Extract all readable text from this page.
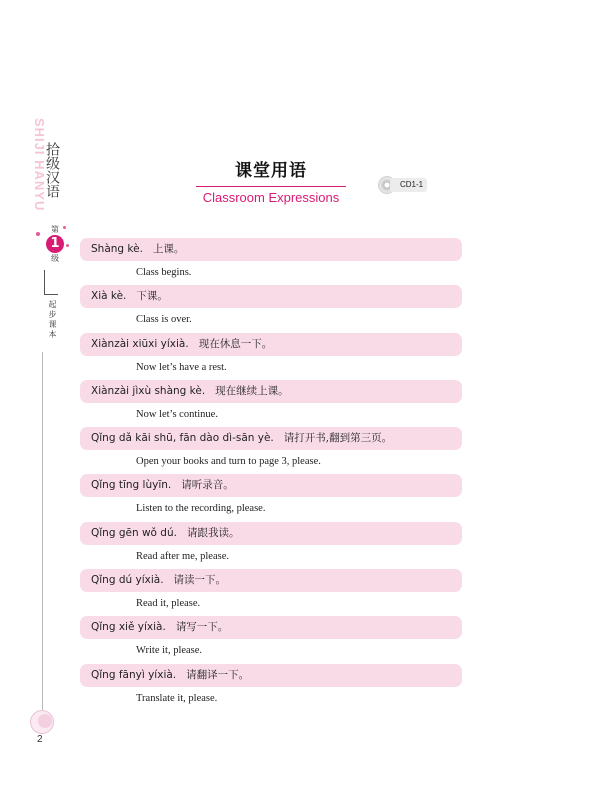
SHIJI HANYU
拾级汉语
第
1
级
起步课本
2
课堂用语
Classroom Expressions
CD1-1
Shàng kè. 上课。
Class begins.
Xià kè. 下课。
Class is over.
Xiànzài xiūxi yíxià. 现在休息一下。
Now let’s have a rest.
Xiànzài jìxù shàng kè. 现在继续上课。
Now let’s continue.
Qǐng dǎ kāi shū, fān dào dì-sān yè. 请打开书,翻到第三页。
Open your books and turn to page 3, please.
Qǐng tīng lùyīn. 请听录音。
Listen to the recording, please.
Qǐng gēn wǒ dú. 请跟我读。
Read after me, please.
Qǐng dú yíxià. 请读一下。
Read it, please.
Qǐng xiě yíxià. 请写一下。
Write it, please.
Qǐng fānyì yíxià. 请翻译一下。
Translate it, please.
